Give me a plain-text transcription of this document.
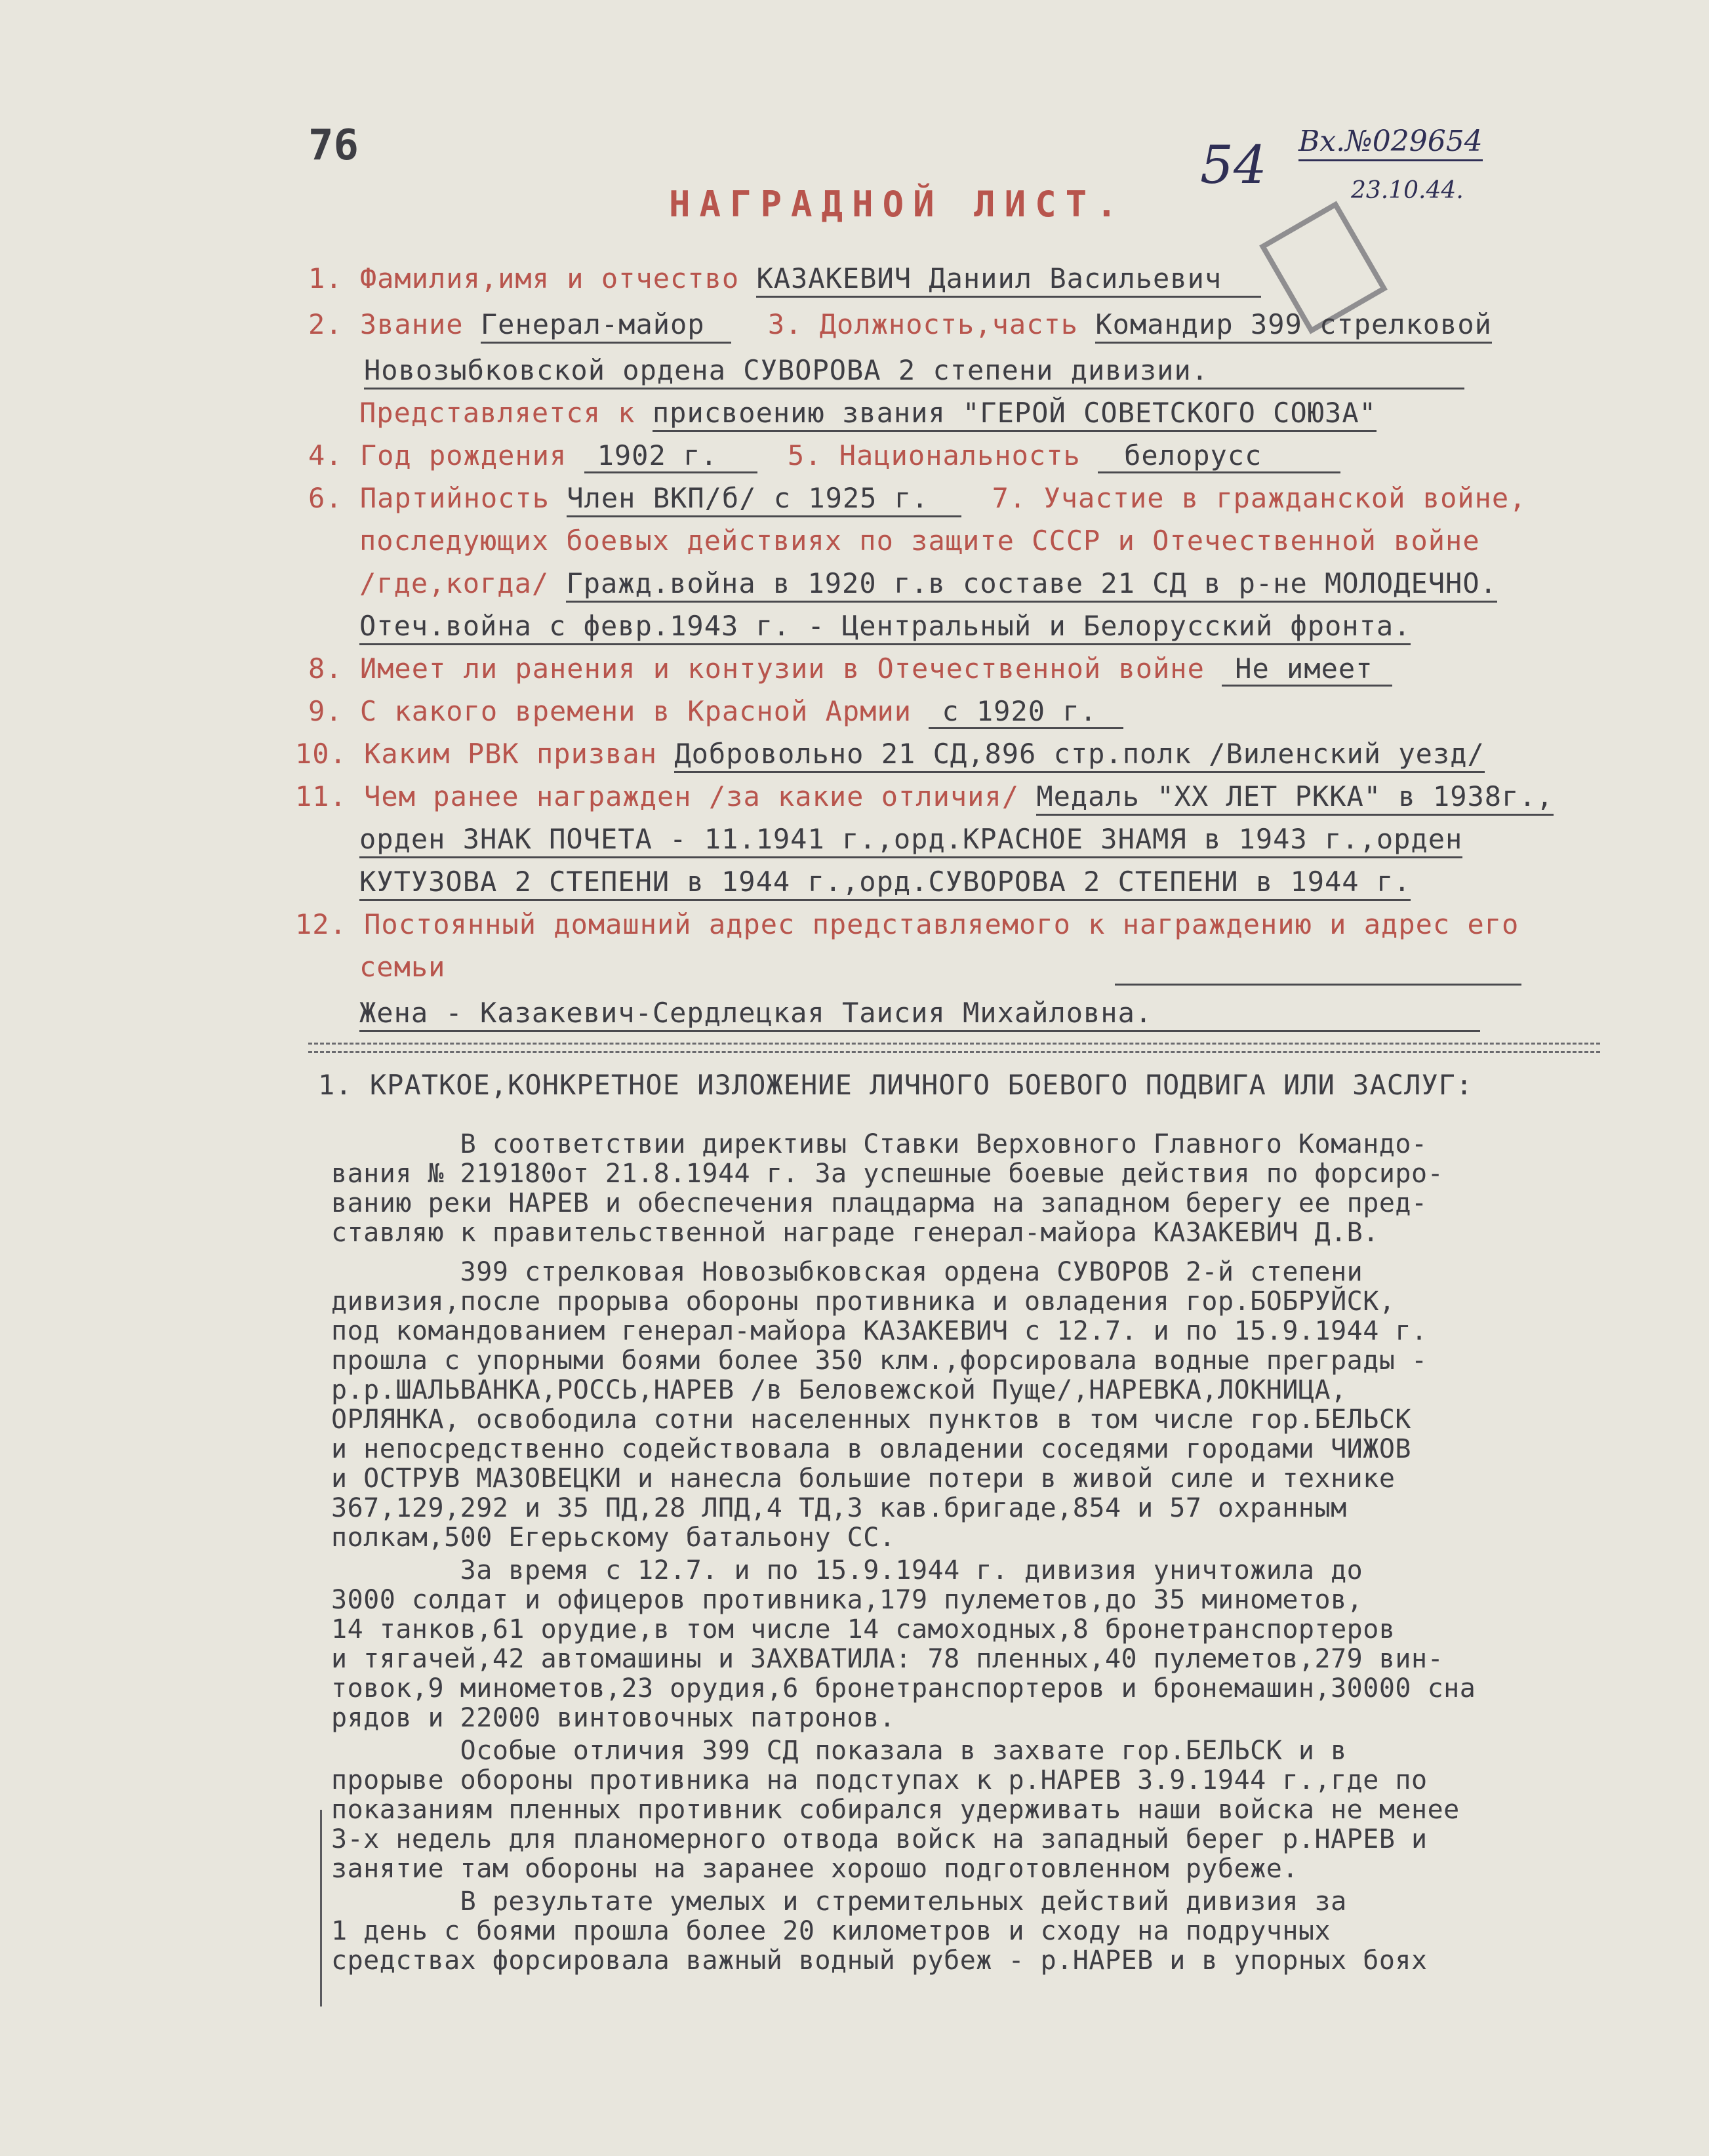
76	54 Вх.№029654
23.10.44.
НАГРАДНОЙ ЛИСТ.
1. Фамилия,имя и отчество КАЗАКЕВИЧ Даниил Васильевич
2. Звание Генерал-майор 3. Должность,часть Командир 399 стрелковой
Новозыбковской ордена СУВОРОВА 2 степени дивизии.
Представляется к присвоению звания "ГЕРОЙ СОВЕТСКОГО СОЮЗА"
4. Год рождения 1902 г.	5. Национальность белорусс
6. Партийность Член ВКП/б/ с 1925 г. 7. Участие в гражданской войне,
последующих боевых действиях по защите СССР и Отечественной войне
/где,когда/ Гражд.война в 1920 г.в составе 21 СД в р-не МОЛОДЕЧНО.
Отеч.война с февр.1943 г. - Центральный и Белорусский фронта.
8. Имеет ли ранения и контузии в Отечественной войне Не имеет
9. С какого времени в Красной Армии с 1920 г.
10. Каким РВК призван Добровольно 21 СД,896 стр.полк /Виленский уезд/
11. Чем ранее награжден /за какие отличия/ Медаль "XX ЛЕТ РККА" в 1938г.,
орден ЗНАК ПОЧЕТА - 11.1941 г.,орд.КРАСНОЕ ЗНАМЯ в 1943 г.,орден
КУТУЗОВА 2 СТЕПЕНИ в 1944 г.,орд.СУВОРОВА 2 СТЕПЕНИ в 1944 г.
12. Постоянный домашний адрес представляемого к награждению и адрес его
семьи
Жена - Казакевич-Сердлецкая Таисия Михайловна.
1. КРАТКОЕ,КОНКРЕТНОЕ ИЗЛОЖЕНИЕ ЛИЧНОГО БОЕВОГО ПОДВИГА ИЛИ ЗАСЛУГ:
В соответствии директивы Ставки Верховного Главного Командо-
вания № 219180от 21.8.1944 г. За успешные боевые действия по форсиро-
ванию реки НАРЕВ и обеспечения плацдарма на западном берегу ее пред-
ставляю к правительственной награде генерал-майора КАЗАКЕВИЧ Д.В.
399 стрелковая Новозыбковская ордена СУВОРОВ 2-й степени
дивизия,после прорыва обороны противника и овладения гор.БОБРУЙСК,
под командованием генерал-майора КАЗАКЕВИЧ с 12.7. и по 15.9.1944 г.
прошла с упорными боями более 350 клм.,форсировала водные преграды -
р.р.ШАЛЬВАНКА,РОССЬ,НАРЕВ /в Беловежской Пуще/,НАРЕВКА,ЛОКНИЦА,
ОРЛЯНКА, освободила сотни населенных пунктов в том числе гор.БЕЛЬСК
и непосредственно содействовала в овладении соседями городами ЧИЖОВ
и ОСТРУВ МАЗОВЕЦКИ и нанесла большие потери в живой силе и технике
367,129,292 и 35 ПД,28 ЛПД,4 ТД,3 кав.бригаде,854 и 57 охранным
полкам,500 Егерьскому батальону СС.
За время с 12.7. и по 15.9.1944 г. дивизия уничтожила до
3000 солдат и офицеров противника,179 пулеметов,до 35 минометов,
14 танков,61 орудие,в том числе 14 самоходных,8 бронетранспортеров
и тягачей,42 автомашины и ЗАХВАТИЛА: 78 пленных,40 пулеметов,279 вин-
товок,9 минометов,23 орудия,6 бронетранспортеров и бронемашин,30000 сна
рядов и 22000 винтовочных патронов.
Особые отличия 399 СД показала в захвате гор.БЕЛЬСК и в
прорыве обороны противника на подступах к р.НАРЕВ 3.9.1944 г.,где по
показаниям пленных противник собирался удерживать наши войска не менее
3-х недель для планомерного отвода войск на западный берег р.НАРЕВ и
занятие там обороны на заранее хорошо подготовленном рубеже.
В результате умелых и стремительных действий дивизия за
1 день с боями прошла более 20 километров и сходу на подручных
средствах форсировала важный водный рубеж - р.НАРЕВ и в упорных боях
